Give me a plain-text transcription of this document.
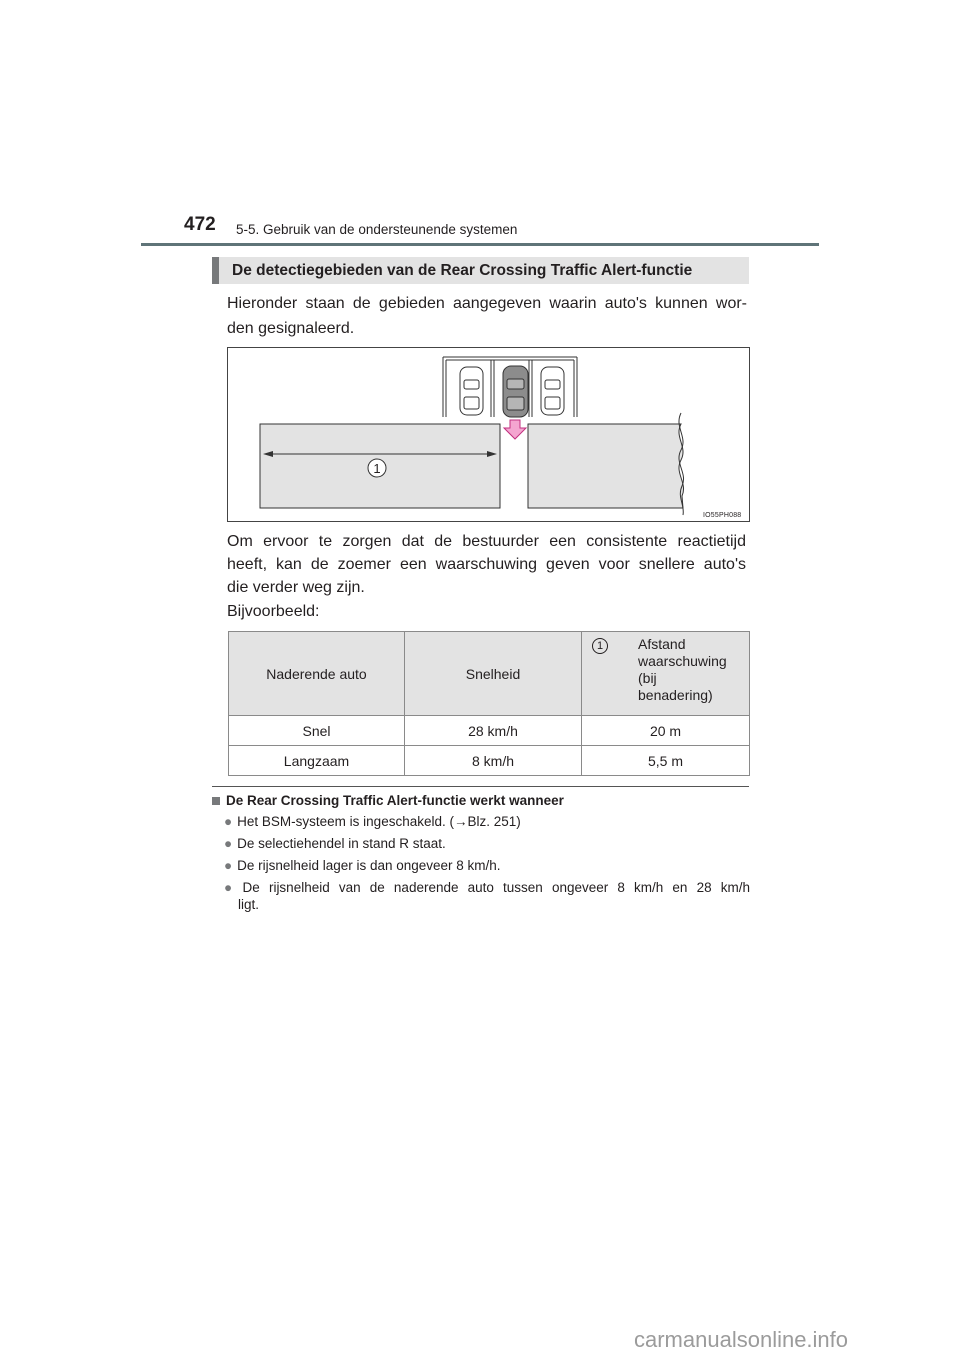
472 5-5. Gebruik van de ondersteunende systemen
De detectiegebieden van de Rear Crossing Traffic Alert-functie
Hieronder staan de gebieden aangegeven waarin auto's kunnen wor-
den gesignaleerd.
1
IO55PH088
Om ervoor te zorgen dat de bestuurder een consistente reactietijd
heeft, kan de zoemer een waarschuwing geven voor snellere auto's
die verder weg zijn.
Bijvoorbeeld:
Naderende auto	Snelheid	1 Afstand
waarschuwing
(bij
benadering)

Snel	28 km/h	20 m
Langzaam	8 km/h	5,5 m
De Rear Crossing Traffic Alert-functie werkt wanneer
● Het BSM-systeem is ingeschakeld. (→Blz. 251)
● De selectiehendel in stand R staat.
● De rijsnelheid lager is dan ongeveer 8 km/h.
● De rijsnelheid van de naderende auto tussen ongeveer 8 km/h en 28 km/h
ligt.
carmanualsonline.info
